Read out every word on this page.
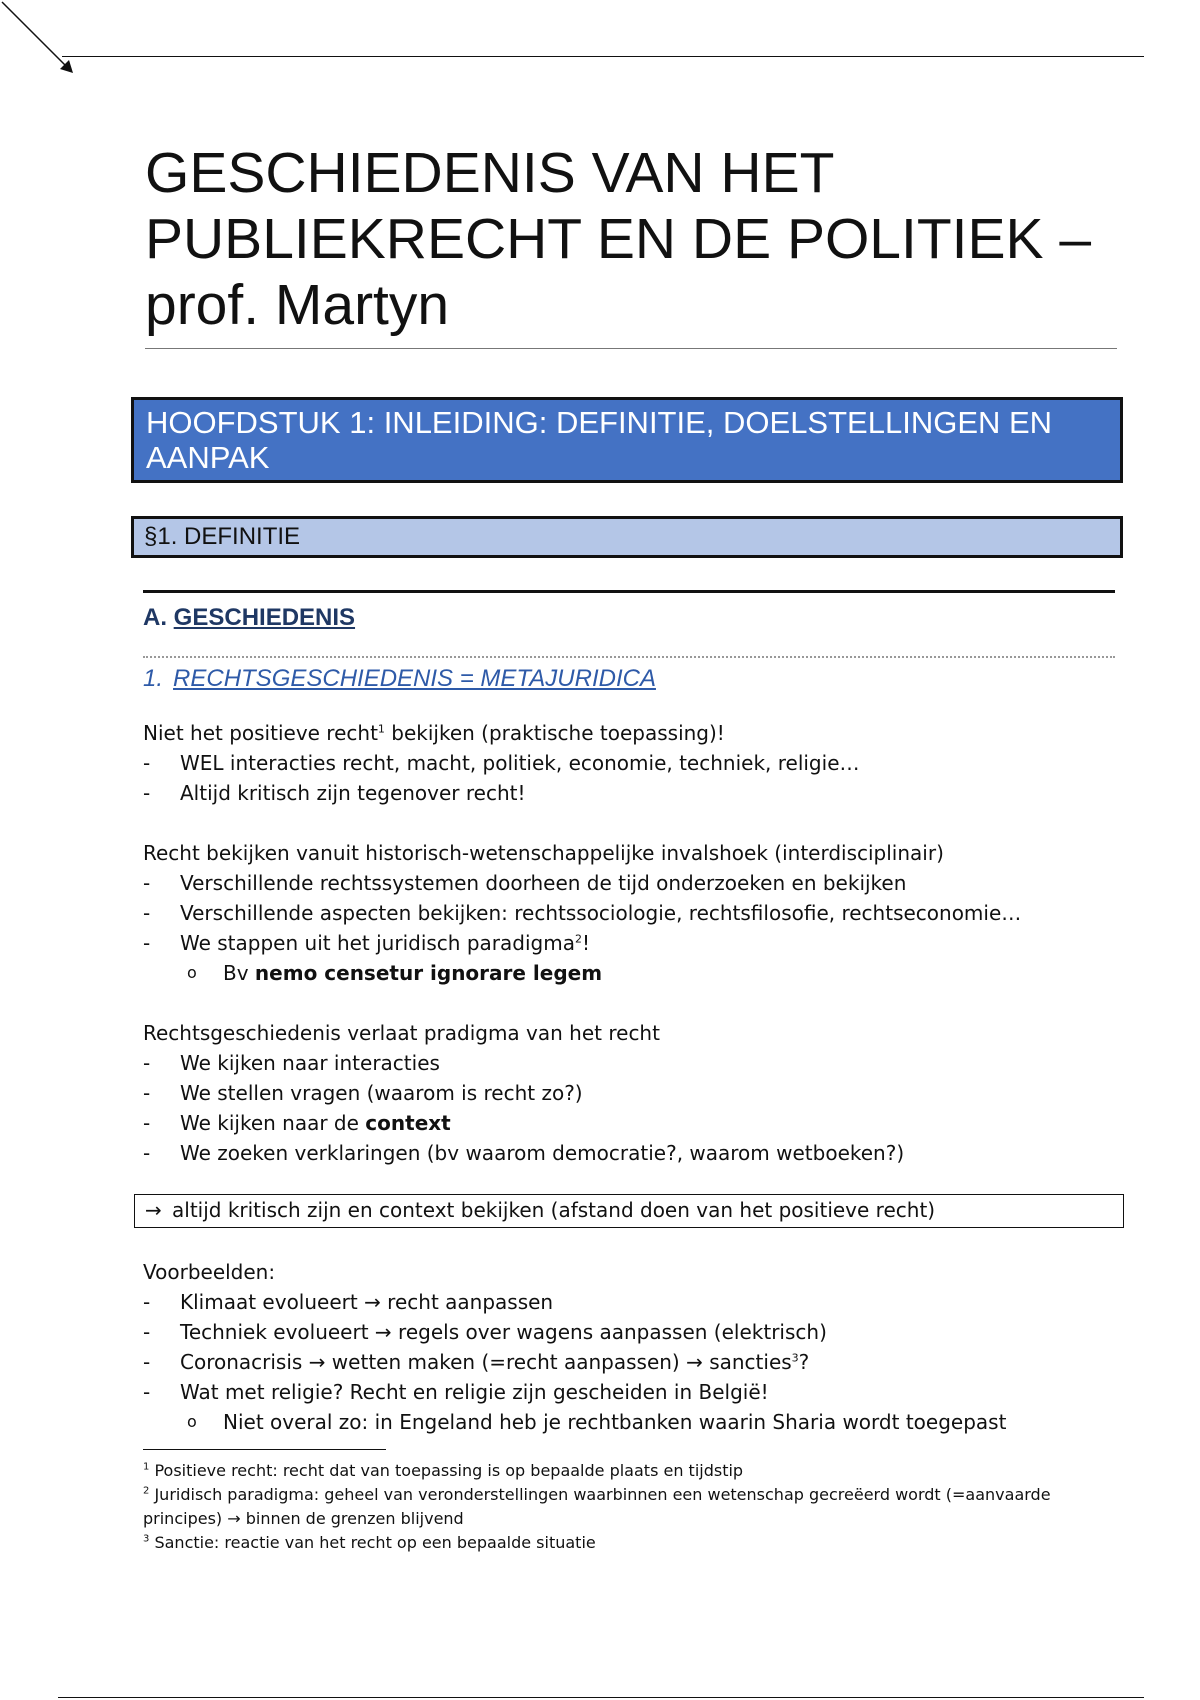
GESCHIEDENIS VAN HET
PUBLIEKRECHT EN DE POLITIEK –
prof. Martyn
HOOFDSTUK 1: INLEIDING: DEFINITIE, DOELSTELLINGEN EN AANPAK
§1. DEFINITIE
A. GESCHIEDENIS
1. RECHTSGESCHIEDENIS = METAJURIDICA
Niet het positieve recht$^1$ bekijken (praktische toepassing)!
- WEL interacties recht, macht, politiek, economie, techniek, religie…
- Altijd kritisch zijn tegenover recht!
Recht bekijken vanuit historisch-wetenschappelijke invalshoek (interdisciplinair)
- Verschillende rechtssystemen doorheen de tijd onderzoeken en bekijken
- Verschillende aspecten bekijken: rechtssociologie, rechtsfilosofie, rechtseconomie…
- We stappen uit het juridisch paradigma$^2$!
o Bv nemo censetur ignorare legem
Rechtsgeschiedenis verlaat pradigma van het recht
- We kijken naar interacties
- We stellen vragen (waarom is recht zo?)
- We kijken naar de context
- We zoeken verklaringen (bv waarom democratie?, waarom wetboeken?)
→ altijd kritisch zijn en context bekijken (afstand doen van het positieve recht)
Voorbeelden:
- Klimaat evolueert → recht aanpassen
- Techniek evolueert → regels over wagens aanpassen (elektrisch)
- Coronacrisis → wetten maken (=recht aanpassen) → sancties$^3$?
- Wat met religie? Recht en religie zijn gescheiden in België!
o Niet overal zo: in Engeland heb je rechtbanken waarin Sharia wordt toegepast
$^1$ Positieve recht: recht dat van toepassing is op bepaalde plaats en tijdstip
$^2$ Juridisch paradigma: geheel van veronderstellingen waarbinnen een wetenschap gecreëerd wordt (=aanvaarde principes) → binnen de grenzen blijvend
$^3$ Sanctie: reactie van het recht op een bepaalde situatie
